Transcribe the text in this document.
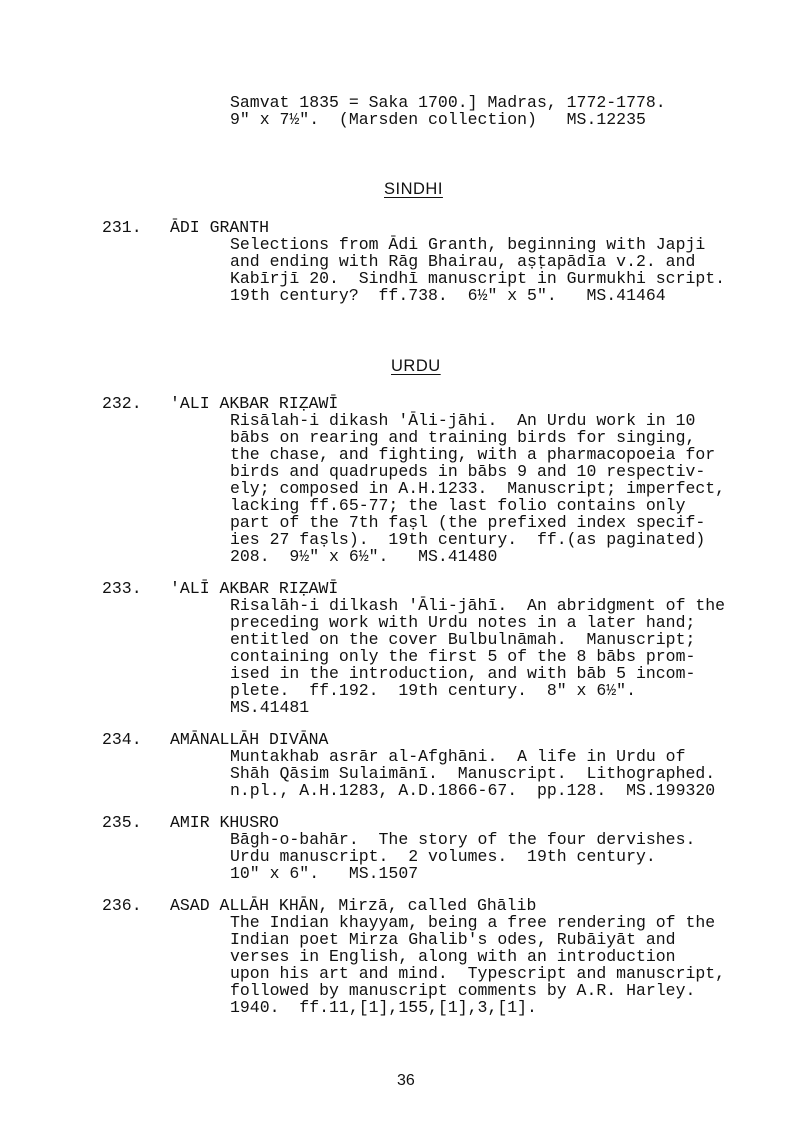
Samvat 1835 = Saka 1700.] Madras, 1772-1778.
9" x 7½".  (Marsden collection)   MS.12235
SINDHI
231. ĀDI GRANTH
Selections from Ādi Granth, beginning with Japji
and ending with Rāg Bhairau, aṣṭapādīa v.2. and
Kabīrjī 20.  Sindhī manuscript in Gurmukhi script.
19th century?  ff.738.  6½" x 5".   MS.41464
URDU
232. 'ALI AKBAR RIẒAWĪ
Risālah-i dikash 'Āli-jāhi.  An Urdu work in 10
bābs on rearing and training birds for singing,
the chase, and fighting, with a pharmacopoeia for
birds and quadrupeds in bābs 9 and 10 respectiv-
ely; composed in A.H.1233.  Manuscript; imperfect,
lacking ff.65-77; the last folio contains only
part of the 7th faṣl (the prefixed index specif-
ies 27 faṣls).  19th century.  ff.(as paginated)
208.  9½" x 6½".   MS.41480
233. 'ALĪ AKBAR RIẒAWĪ
Risalāh-i dilkash 'Āli-jāhī.  An abridgment of the
preceding work with Urdu notes in a later hand;
entitled on the cover Bulbulnāmah.  Manuscript;
containing only the first 5 of the 8 bābs prom-
ised in the introduction, and with bāb 5 incom-
plete.  ff.192.  19th century.  8" x 6½".
MS.41481
234. AMĀNALLĀH DIVĀNA
Muntakhab asrār al-Afghāni.  A life in Urdu of
Shāh Qāsim Sulaimānī.  Manuscript.  Lithographed.
n.pl., A.H.1283, A.D.1866-67.  pp.128.  MS.199320
235. AMIR KHUSRO
Bāgh-o-bahār.  The story of the four dervishes.
Urdu manuscript.  2 volumes.  19th century.
10" x 6".   MS.1507
236. ASAD ALLĀH KHĀN, Mirzā, called Ghālib
The Indian khayyam, being a free rendering of the
Indian poet Mirza Ghalib's odes, Rubāiyāt and
verses in English, along with an introduction
upon his art and mind.  Typescript and manuscript,
followed by manuscript comments by A.R. Harley.
1940.  ff.11,[1],155,[1],3,[1].
36
